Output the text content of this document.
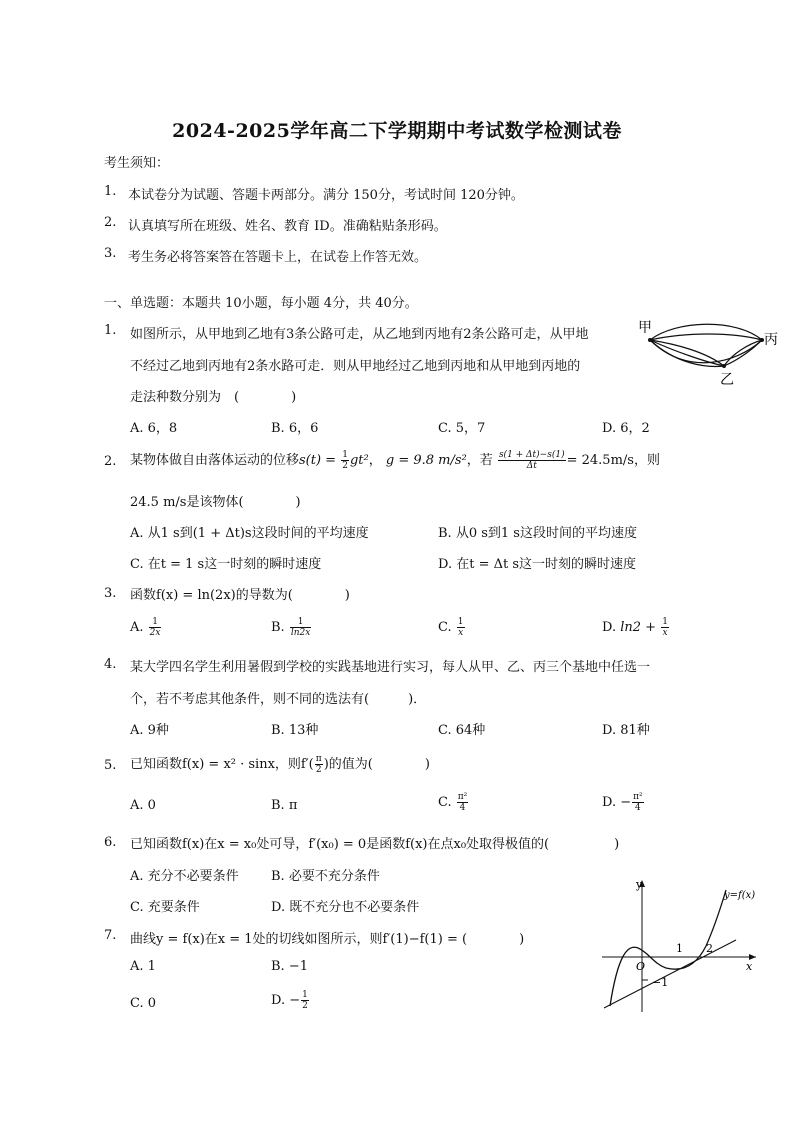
2024-2025学年高二下学期期中考试数学检测试卷
考生须知：
1. 本试卷分为试题、答题卡两部分。满分 150分，考试时间 120分钟。
2. 认真填写所在班级、姓名、教育 ID。准确粘贴条形码。
3. 考生务必将答案答在答题卡上，在试卷上作答无效。
一、单选题：本题共 10小题，每小题 4分，共 40分。
1. 如图所示，从甲地到乙地有3条公路可走，从乙地到丙地有2条公路可走，从甲地
不经过乙地到丙地有2条水路可走．则从甲地经过乙地到丙地和从甲地到丙地的
走法种数分别为　(　　　　)
A. 6，8	B. 6，6	C. 5，7	D. 6，2
甲
丙
乙
2. 某物体做自由落体运动的位移$s(t) = \frac{1}{2} gt^2$， g = 9.8 m/s²，若 $\frac{s(1 + \Delta t)-s(1)}{\Delta t} = 24.5m/s$，则
24.5 m/s是该物体(　　　　)
A. 从1 s到(1 + Δt)s这段时间的平均速度	B. 从0 s到1 s这段时间的平均速度
C. 在t = 1 s这一时刻的瞬时速度	D. 在t = Δt s这一时刻的瞬时速度
3. 函数f(x) = ln(2x)的导数为(　　　　)
A. $\frac{1}{2x}$	B. $\frac{1}{\ln 2x}$	C. $\frac{1}{x}$	D. $\ln 2 + \frac{1}{x}$
4. 某大学四名学生利用暑假到学校的实践基地进行实习，每人从甲、乙、丙三个基地中任选一
个，若不考虑其他条件，则不同的选法有(　　　)．
A. 9种	B. 13种	C. 64种	D. 81种
5. 已知函数f(x) = x² · sinx，则$f'( \frac{\pi}{2}$ )的值为(　　　　)
A. 0	B. π	C. $\frac{\text{π²}}{4}$	D. − $\frac{\text{π²}}{4}$
6. 已知函数f(x)在x = x₀处可导，f′(x₀) = 0是函数f(x)在点x₀处取得极值的(　　　　　)
A. 充分不必要条件 B. 必要不充分条件
C. 充要条件	D. 既不充分也不必要条件
7. 曲线y = f(x)在x = 1处的切线如图所示，则f′(1)−f(1) = (　　　　)
A. 1	B. −1
C. 0	D. − $\frac{1}{2}$
y
x
O
1 2
−1
y=f(x)
